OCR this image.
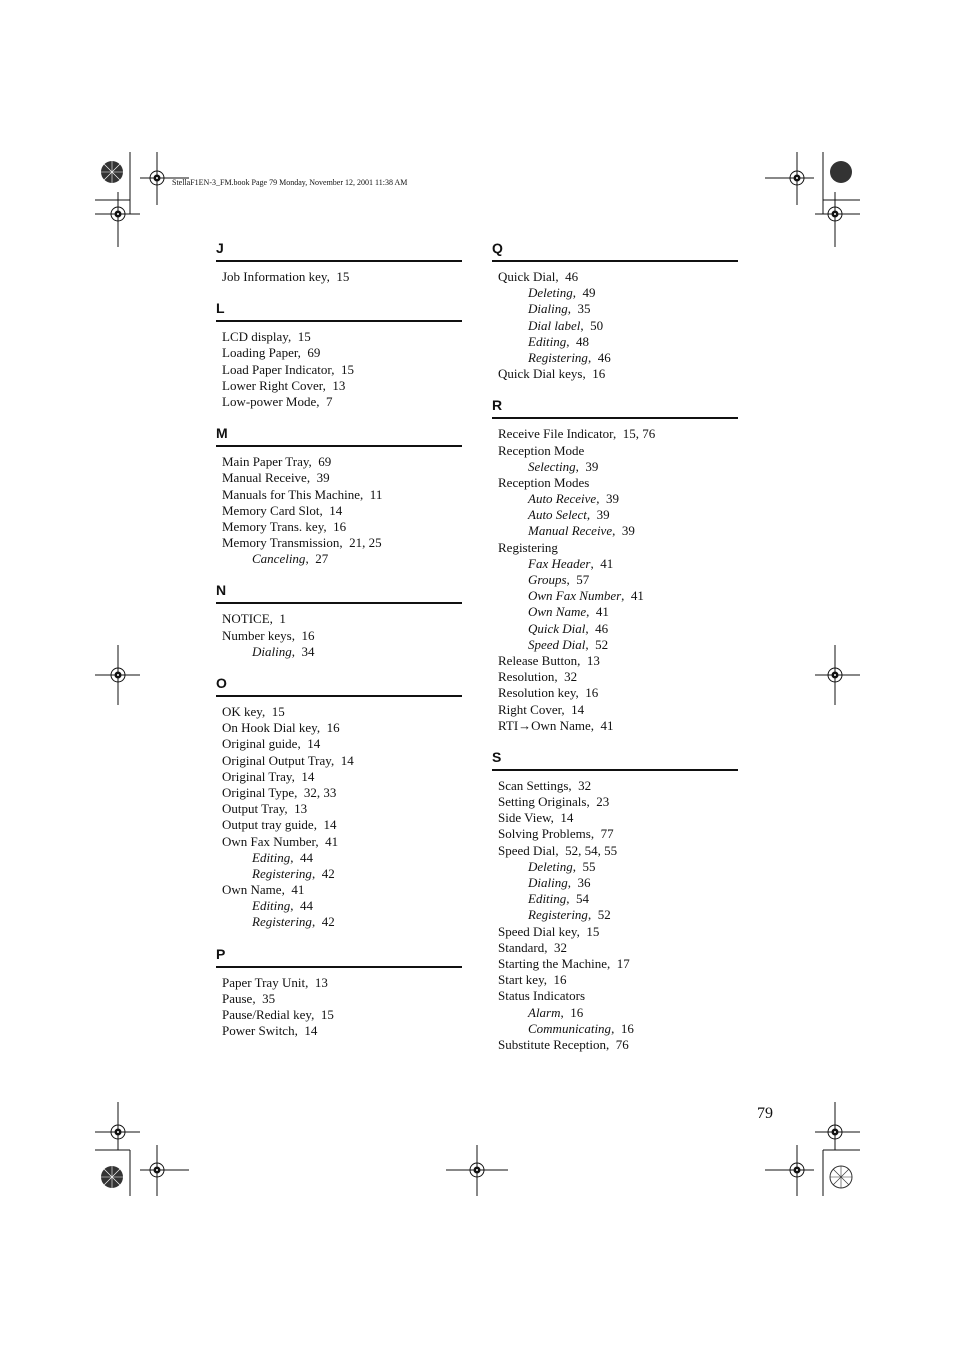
StellaF1EN-3_FM.book Page 79 Monday, November 12, 2001 11:38 AM
J
Job Information key,  15
L
LCD display,  15
Loading Paper,  69
Load Paper Indicator,  15
Lower Right Cover,  13
Low-power Mode,  7
M
Main Paper Tray,  69
Manual Receive,  39
Manuals for This Machine,  11
Memory Card Slot,  14
Memory Trans. key,  16
Memory Transmission,  21, 25
Canceling,  27
N
NOTICE,  1
Number keys,  16
Dialing,  34
O
OK key,  15
On Hook Dial key,  16
Original guide,  14
Original Output Tray,  14
Original Tray,  14
Original Type,  32, 33
Output Tray,  13
Output tray guide,  14
Own Fax Number,  41
Editing,  44
Registering,  42
Own Name,  41
Editing,  44
Registering,  42
P
Paper Tray Unit,  13
Pause,  35
Pause/Redial key,  15
Power Switch,  14
Q
Quick Dial,  46
Deleting,  49
Dialing,  35
Dial label,  50
Editing,  48
Registering,  46
Quick Dial keys,  16
R
Receive File Indicator,  15, 76
Reception Mode
Selecting,  39
Reception Modes
Auto Receive,  39
Auto Select,  39
Manual Receive,  39
Registering
Fax Header,  41
Groups,  57
Own Fax Number,  41
Own Name,  41
Quick Dial,  46
Speed Dial,  52
Release Button,  13
Resolution,  32
Resolution key,  16
Right Cover,  14
RTI→Own Name,  41
S
Scan Settings,  32
Setting Originals,  23
Side View,  14
Solving Problems,  77
Speed Dial,  52, 54, 55
Deleting,  55
Dialing,  36
Editing,  54
Registering,  52
Speed Dial key,  15
Standard,  32
Starting the Machine,  17
Start key,  16
Status Indicators
Alarm,  16
Communicating,  16
Substitute Reception,  76
79
